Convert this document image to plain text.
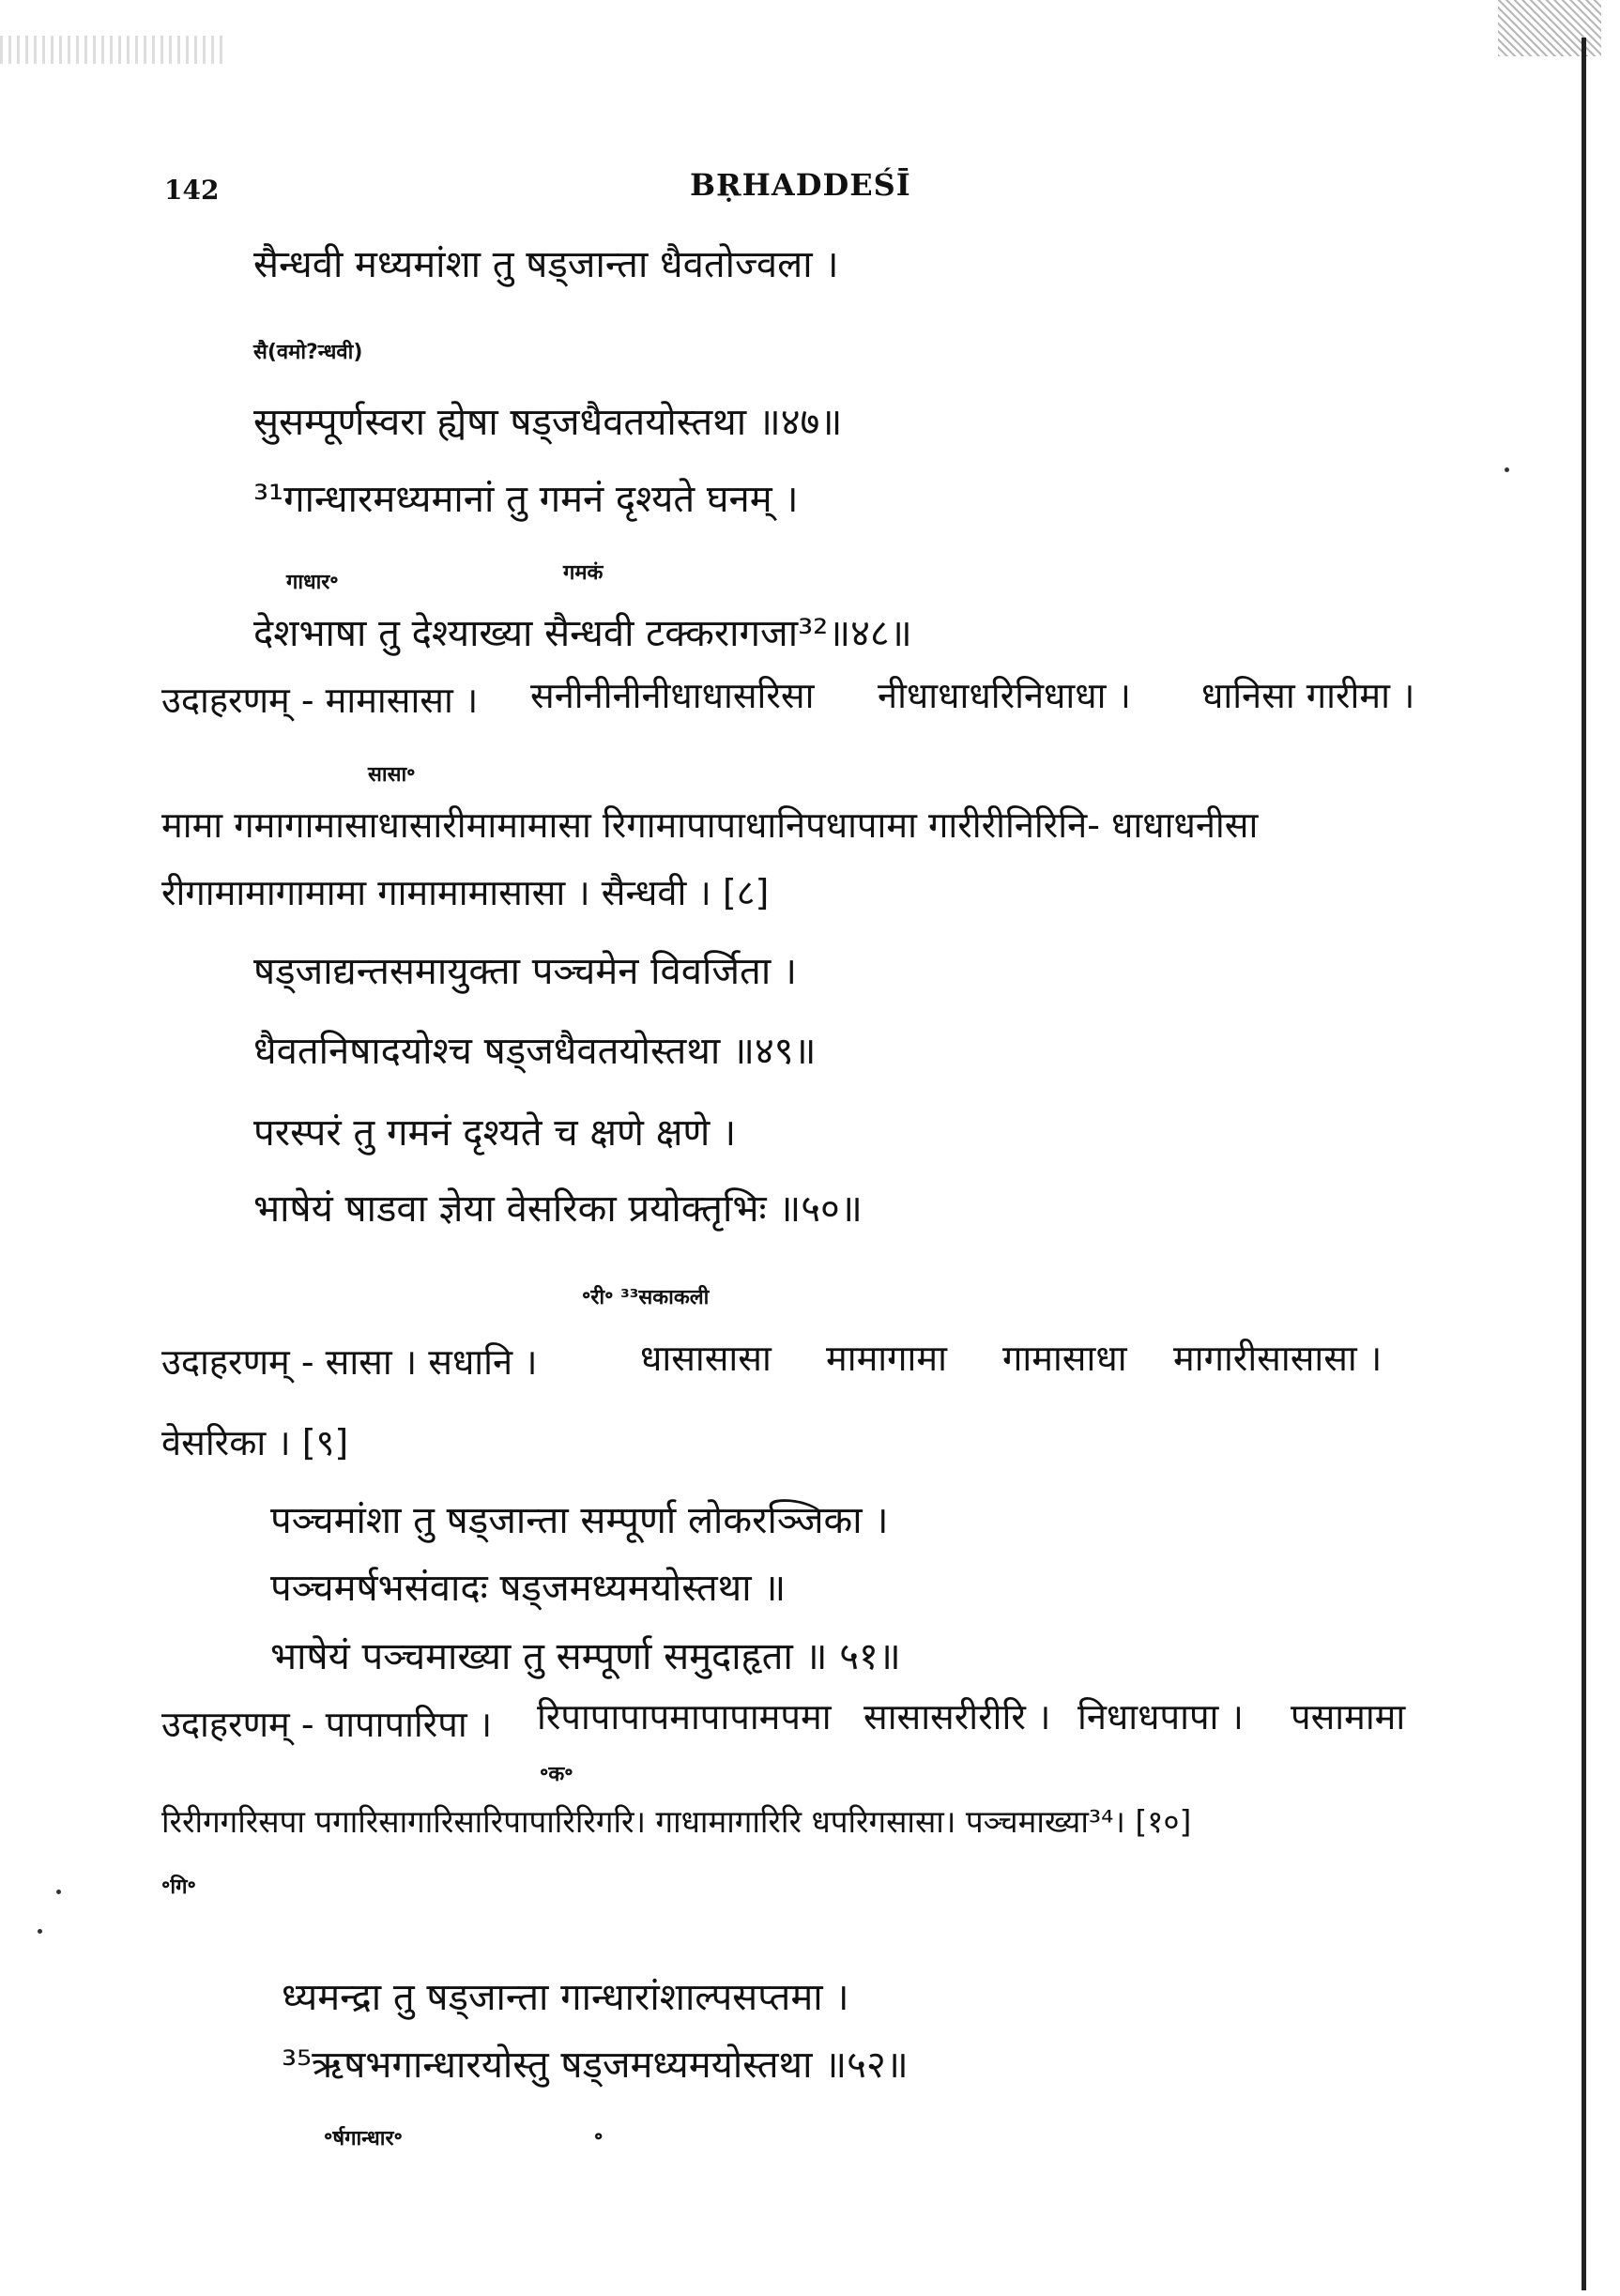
142	BṚHADDEŚĪ
सैन्धवी मध्यमांशा तु षड्जान्ता धैवतोज्वला ।
सै(वमो?न्धवी)
सुसम्पूर्णस्वरा ह्येषा षड्जधैवतयोस्तथा ॥४७॥
³¹गान्धारमध्यमानां तु गमनं दृश्यते घनम् ।
गाधार॰	गमकं
देशभाषा तु देश्याख्या सैन्धवी टक्करागजा³²॥४८॥
उदाहरणम् - मामासासा । सनीनीनीनीधाधासरिसा नीधाधाधरिनिधाधा । धानिसा गारीमा ।
सासा॰
मामा गमागामासाधासारीमामामासा रिगामापापाधानिपधापामा गारीरीनिरिनि- धाधाधनीसा
रीगामामागामामा गामामामासासा । सैन्धवी । [८]
षड्जाद्यन्तसमायुक्ता पञ्चमेन विवर्जिता ।
धैवतनिषादयोश्च षड्जधैवतयोस्तथा ॥४९॥
परस्परं तु गमनं दृश्यते च क्षणे क्षणे ।
भाषेयं षाडवा ज्ञेया वेसरिका प्रयोक्तृभिः ॥५०॥
॰री॰ ³³सकाकली
उदाहरणम् - सासा । सधानि ।	धासासासा मामागामा गामासाधा मागारीसासासा ।
वेसरिका । [९]
पञ्चमांशा तु षड्जान्ता सम्पूर्णा लोकरञ्जिका ।
पञ्चमर्षभसंवादः षड्जमध्यमयोस्तथा ॥
भाषेयं पञ्चमाख्या तु सम्पूर्णा समुदाहृता ॥ ५१॥
उदाहरणम् - पापापारिपा । रिपापापापमापापामपमा सासासरीरीरि । निधाधपापा । पसामामा
॰क॰
रिरीगगरिसपा पगारिसागारिसारिपापारिरिगरि। गाधामागारिरि धपरिगसासा। पञ्चमाख्या³⁴। [१०]
॰गि॰
ध्यमन्द्रा तु षड्जान्ता गान्धारांशाल्पसप्तमा ।
³⁵ऋषभगान्धारयोस्तु षड्जमध्यमयोस्तथा ॥५२॥
॰र्षगान्धार॰	॰
